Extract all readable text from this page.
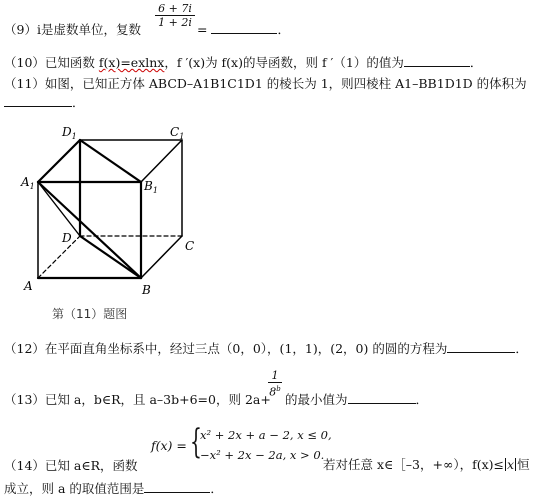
（9）i是虚数单位，复数
$\frac{6 + 7i}{1 + 2i}$
=	．
（10）已知函数 f(x)=exlnx，f ′(x)为 f(x)的导函数，则 f ′（1）的值为	．
（11）如图，已知正方体 ABCD–A1B1C1D1 的棱长为 1，则四棱柱 A1–BB1D1D 的体积为
．
$D_1$	$C_1$
$A_1$	$B_1$
D
C
A	B
第（11）题图
（12）在平面直角坐标系中，经过三点（0，0），(1，1)，(2，0) 的圆的方程为	．
（13）已知 a，b∈R，且 a–3b+6=0，则 2a+
$\frac{1}{8^b}$
的最小值为	．
（14）已知 a∈R，函数
f(x) = {
x² + 2x + a − 2, x ≤ 0,
−x² + 2x − 2a, x > 0.
若对任意 x∈［–3，+∞），f(x)≤ x 恒
成立，则 a 的取值范围是	．
